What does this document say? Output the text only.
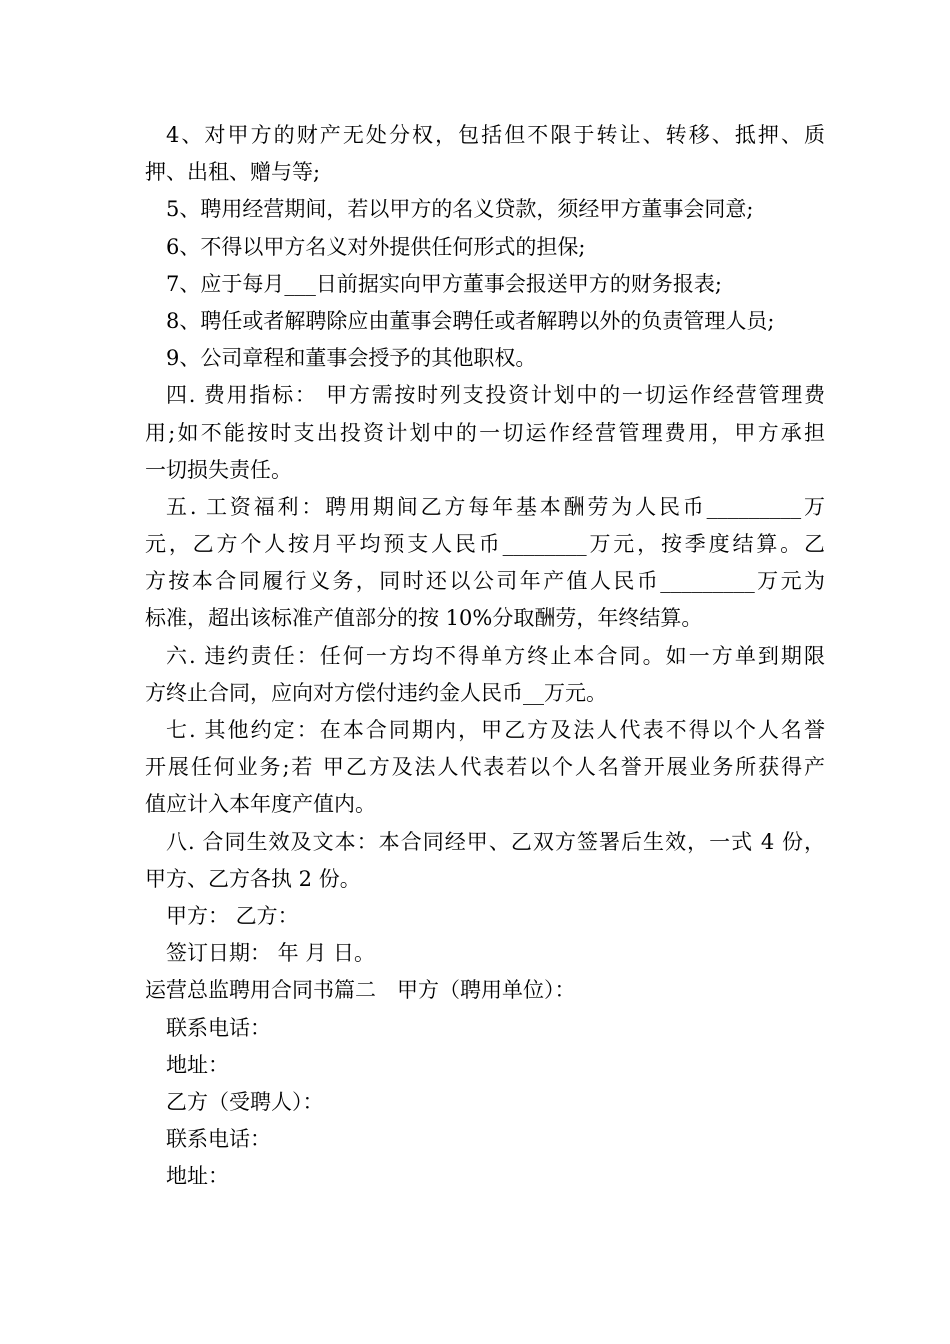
4、对甲方的财产无处分权，包括但不限于转让、转移、抵押、质
押、出租、赠与等;
5、聘用经营期间，若以甲方的名义贷款，须经甲方董事会同意;
6、不得以甲方名义对外提供任何形式的担保;
7、应于每月___日前据实向甲方董事会报送甲方的财务报表;
8、聘任或者解聘除应由董事会聘任或者解聘以外的负责管理人员;
9、公司章程和董事会授予的其他职权。
四. 费用指标： 甲方需按时列支投资计划中的一切运作经营管理费
用;如不能按时支出投资计划中的一切运作经营管理费用，甲方承担
一切损失责任。
五. 工资福利：聘用期间乙方每年基本酬劳为人民币_________万
元，乙方个人按月平均预支人民币________万元，按季度结算。乙
方按本合同履行义务，同时还以公司年产值人民币_________万元为
标准，超出该标准产值部分的按 10%分取酬劳，年终结算。
六. 违约责任：任何一方均不得单方终止本合同。如一方单到期限
方终止合同，应向对方偿付违约金人民币__万元。
七. 其他约定：在本合同期内，甲乙方及法人代表不得以个人名誉
开展任何业务;若 甲乙方及法人代表若以个人名誉开展业务所获得产
值应计入本年度产值内。
八. 合同生效及文本：本合同经甲、乙双方签署后生效，一式 4 份，
甲方、乙方各执 2 份。
甲方： 乙方：
签订日期： 年 月 日。
运营总监聘用合同书篇二　甲方（聘用单位）：
联系电话：
地址：
乙方（受聘人）：
联系电话：
地址：
